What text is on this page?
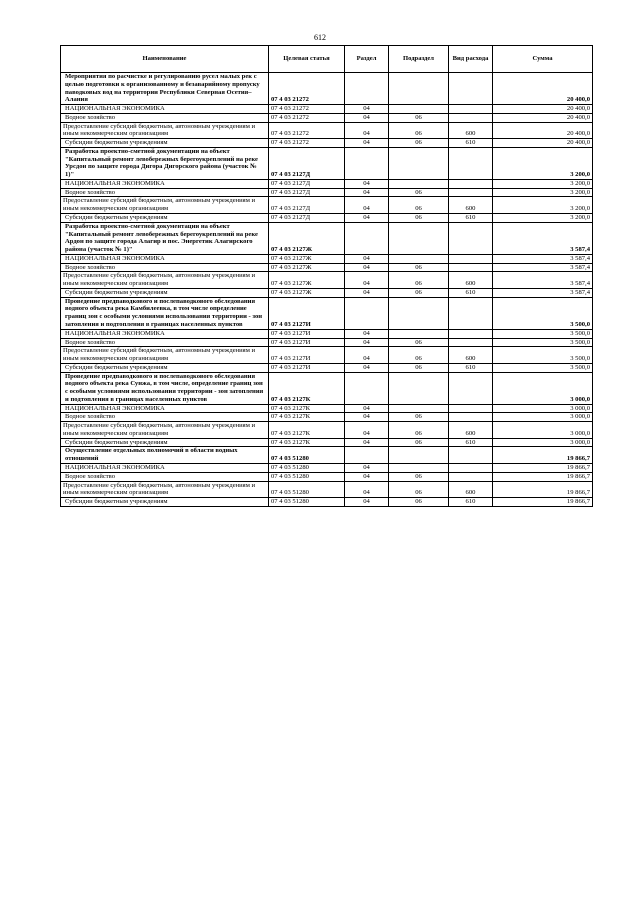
612
Наименование	Целевая статья	Раздел	Подраздел	Вид расхода	Сумма
Мероприятия по расчистке и регулированию русел малых рек с целью подготовки к организованному и безаварийному пропуску паводковых вод на территории Республики Северная Осетия–Алания	07 4 03 21272				20 400,0
НАЦИОНАЛЬНАЯ ЭКОНОМИКА	07 4 03 21272	04			20 400,0
Водное хозяйство	07 4 03 21272	04	06		20 400,0
Предоставление субсидий бюджетным, автономным учреждениям и иным некоммерческим организациям	07 4 03 21272	04	06	600	20 400,0
Субсидии бюджетным учреждениям	07 4 03 21272	04	06	610	20 400,0
Разработка проектно-сметной документации на объект "Капитальный ремонт левобережных берегоукреплений на реке Урсдон по защите города Дигора Дигорского района (участок № 1)"	07 4 03 2127Д				3 200,0
НАЦИОНАЛЬНАЯ ЭКОНОМИКА	07 4 03 2127Д	04			3 200,0
Водное хозяйство	07 4 03 2127Д	04	06		3 200,0
Предоставление субсидий бюджетным, автономным учреждениям и иным некоммерческим организациям	07 4 03 2127Д	04	06	600	3 200,0
Субсидии бюджетным учреждениям	07 4 03 2127Д	04	06	610	3 200,0
Разработка проектно-сметной документации на объект "Капитальный ремонт левобережных берегоукреплений на реке Ардон по защите города Алагир и пос. Энергетик Алагирского района (участок № 1)"	07 4 03 2127Ж				3 587,4
НАЦИОНАЛЬНАЯ ЭКОНОМИКА	07 4 03 2127Ж	04			3 587,4
Водное хозяйство	07 4 03 2127Ж	04	06		3 587,4
Предоставление субсидий бюджетным, автономным учреждениям и иным некоммерческим организациям	07 4 03 2127Ж	04	06	600	3 587,4
Субсидии бюджетным учреждениям	07 4 03 2127Ж	04	06	610	3 587,4
Проведение предпаводкового и послепаводкового обследования водного объекта река Камбилеевка, в том числе определение границ зон с особыми условиями использования территории - зон затопления и подтопления в границах населенных пунктов	07 4 03 2127И				3 500,0
НАЦИОНАЛЬНАЯ ЭКОНОМИКА	07 4 03 2127И	04			3 500,0
Водное хозяйство	07 4 03 2127И	04	06		3 500,0
Предоставление субсидий бюджетным, автономным учреждениям и иным некоммерческим организациям	07 4 03 2127И	04	06	600	3 500,0
Субсидии бюджетным учреждениям	07 4 03 2127И	04	06	610	3 500,0
Проведение предпаводкового и послепаводкового обследования водного объекта река Сунжа, в том числе, определение границ зон с особыми условиями использования территории - зон затопления и подтопления в границах населенных пунктов	07 4 03 2127К				3 000,0
НАЦИОНАЛЬНАЯ ЭКОНОМИКА	07 4 03 2127К	04			3 000,0
Водное хозяйство	07 4 03 2127К	04	06		3 000,0
Предоставление субсидий бюджетным, автономным учреждениям и иным некоммерческим организациям	07 4 03 2127К	04	06	600	3 000,0
Субсидии бюджетным учреждениям	07 4 03 2127К	04	06	610	3 000,0
Осуществление отдельных полномочий в области водных отношений	07 4 03 51280				19 866,7
НАЦИОНАЛЬНАЯ ЭКОНОМИКА	07 4 03 51280	04			19 866,7
Водное хозяйство	07 4 03 51280	04	06		19 866,7
Предоставление субсидий бюджетным, автономным учреждениям и иным некоммерческим организациям	07 4 03 51280	04	06	600	19 866,7
Субсидии бюджетным учреждениям	07 4 03 51280	04	06	610	19 866,7
